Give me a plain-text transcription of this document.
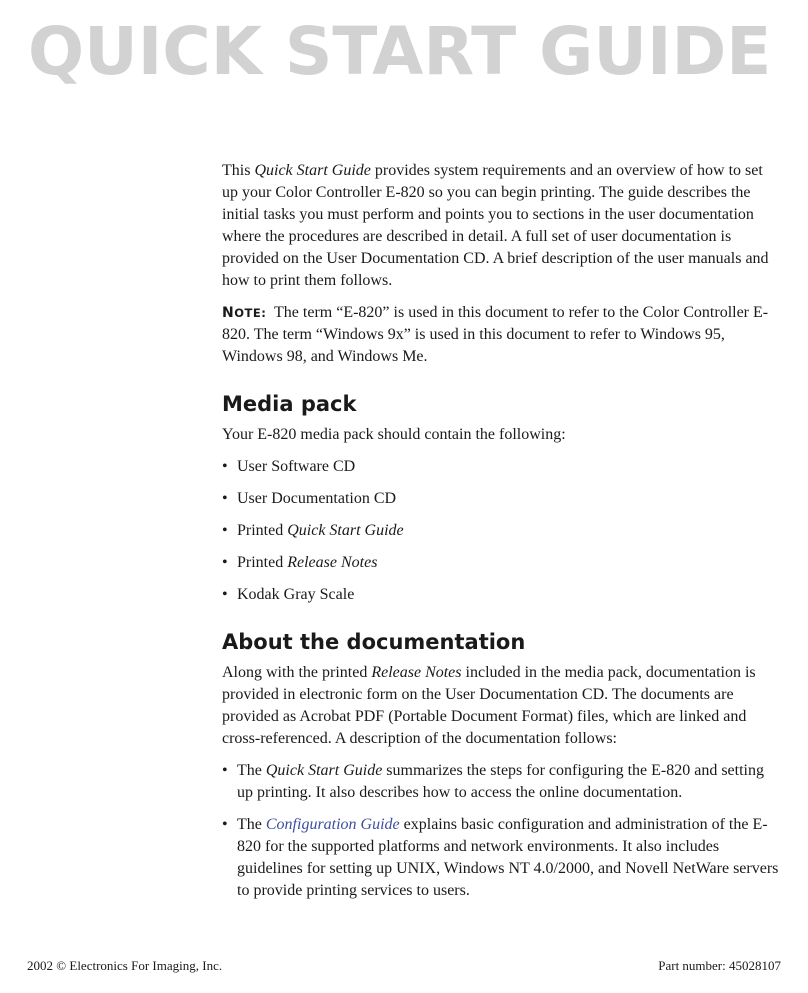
QUICK START GUIDE

This Quick Start Guide provides system requirements and an overview of how to set up your Color Controller E-820 so you can begin printing. The guide describes the initial tasks you must perform and points you to sections in the user documentation where the procedures are described in detail. A full set of user documentation is provided on the User Documentation CD. A brief description of the user manuals and how to print them follows.

NOTE: The term “E-820” is used in this document to refer to the Color Controller E-820. The term “Windows 9x” is used in this document to refer to Windows 95, Windows 98, and Windows Me.

Media pack

Your E-820 media pack should contain the following:

• User Software CD
• User Documentation CD
• Printed Quick Start Guide
• Printed Release Notes
• Kodak Gray Scale
About the documentation

Along with the printed Release Notes included in the media pack, documentation is provided in electronic form on the User Documentation CD. The documents are provided as Acrobat PDF (Portable Document Format) files, which are linked and cross-referenced. A description of the documentation follows:

• The Quick Start Guide summarizes the steps for configuring the E-820 and setting up printing. It also describes how to access the online documentation.
• The Configuration Guide explains basic configuration and administration of the E-820 for the supported platforms and network environments. It also includes guidelines for setting up UNIX, Windows NT 4.0/2000, and Novell NetWare servers to provide printing services to users.
2002 © Electronics For Imaging, Inc.	Part number: 45028107
